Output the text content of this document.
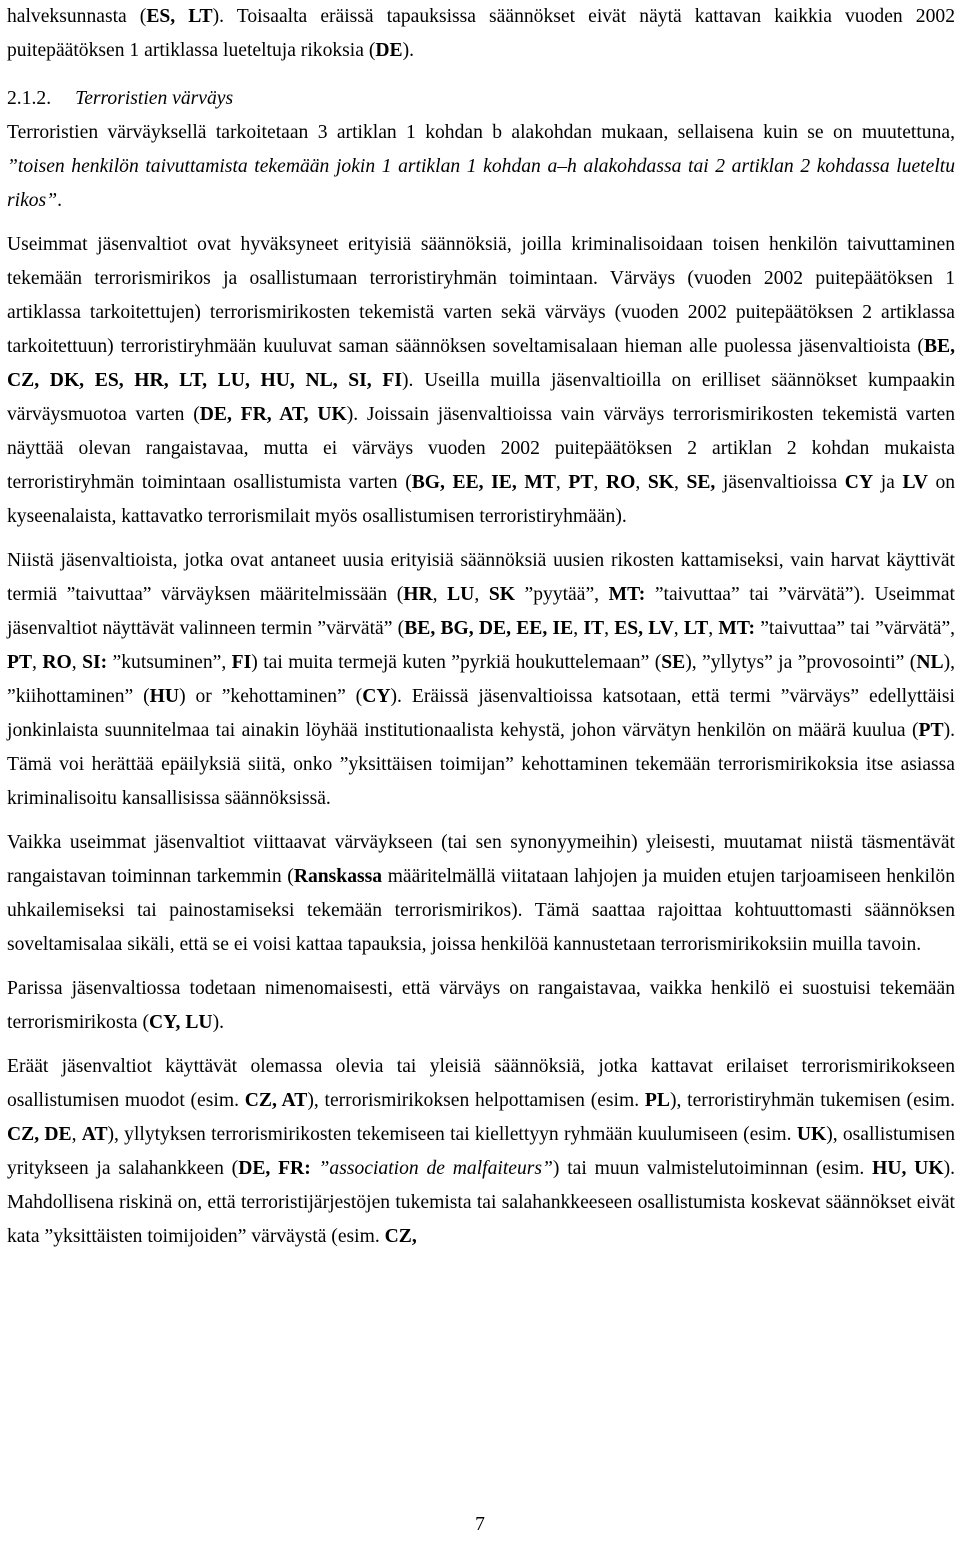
halveksunnasta (ES, LT). Toisaalta eräissä tapauksissa säännökset eivät näytä kattavan kaikkia vuoden 2002 puitepäätöksen 1 artiklassa lueteltuja rikoksia (DE).

2.1.2. Terroristien värväys

Terroristien värväyksellä tarkoitetaan 3 artiklan 1 kohdan b alakohdan mukaan, sellaisena kuin se on muutettuna, ”toisen henkilön taivuttamista tekemään jokin 1 artiklan 1 kohdan a–h alakohdassa tai 2 artiklan 2 kohdassa lueteltu rikos”.

Useimmat jäsenvaltiot ovat hyväksyneet erityisiä säännöksiä, joilla kriminalisoidaan toisen henkilön taivuttaminen tekemään terrorismirikos ja osallistumaan terroristiryhmän toimintaan. Värväys (vuoden 2002 puitepäätöksen 1 artiklassa tarkoitettujen) terrorismirikosten tekemistä varten sekä värväys (vuoden 2002 puitepäätöksen 2 artiklassa tarkoitettuun) terroristiryhmään kuuluvat saman säännöksen soveltamisalaan hieman alle puolessa jäsenvaltioista (BE, CZ, DK, ES, HR, LT, LU, HU, NL, SI, FI). Useilla muilla jäsenvaltioilla on erilliset säännökset kumpaakin värväysmuotoa varten (DE, FR, AT, UK). Joissain jäsenvaltioissa vain värväys terrorismirikosten tekemistä varten näyttää olevan rangaistavaa, mutta ei värväys vuoden 2002 puitepäätöksen 2 artiklan 2 kohdan mukaista terroristiryhmän toimintaan osallistumista varten (BG, EE, IE, MT, PT, RO, SK, SE, jäsenvaltioissa CY ja LV on kyseenalaista, kattavatko terrorismilait myös osallistumisen terroristiryhmään).

Niistä jäsenvaltioista, jotka ovat antaneet uusia erityisiä säännöksiä uusien rikosten kattamiseksi, vain harvat käyttivät termiä ”taivuttaa” värväyksen määritelmissään (HR, LU, SK ”pyytää”, MT: ”taivuttaa” tai ”värvätä”). Useimmat jäsenvaltiot näyttävät valinneen termin ”värvätä” (BE, BG, DE, EE, IE, IT, ES, LV, LT, MT: ”taivuttaa” tai ”värvätä”, PT, RO, SI: ”kutsuminen”, FI) tai muita termejä kuten ”pyrkiä houkuttelemaan” (SE), ”yllytys” ja ”provosointi” (NL), ”kiihottaminen” (HU) or ”kehottaminen” (CY). Eräissä jäsenvaltioissa katsotaan, että termi ”värväys” edellyttäisi jonkinlaista suunnitelmaa tai ainakin löyhää institutionaalista kehystä, johon värvätyn henkilön on määrä kuulua (PT). Tämä voi herättää epäilyksiä siitä, onko ”yksittäisen toimijan” kehottaminen tekemään terrorismirikoksia itse asiassa kriminalisoitu kansallisissa säännöksissä.

Vaikka useimmat jäsenvaltiot viittaavat värväykseen (tai sen synonyymeihin) yleisesti, muutamat niistä täsmentävät rangaistavan toiminnan tarkemmin (Ranskassa määritelmällä viitataan lahjojen ja muiden etujen tarjoamiseen henkilön uhkailemiseksi tai painostamiseksi tekemään terrorismirikos). Tämä saattaa rajoittaa kohtuuttomasti säännöksen soveltamisalaa sikäli, että se ei voisi kattaa tapauksia, joissa henkilöä kannustetaan terrorismirikoksiin muilla tavoin.

Parissa jäsenvaltiossa todetaan nimenomaisesti, että värväys on rangaistavaa, vaikka henkilö ei suostuisi tekemään terrorismirikosta (CY, LU).

Eräät jäsenvaltiot käyttävät olemassa olevia tai yleisiä säännöksiä, jotka kattavat erilaiset terrorismirikokseen osallistumisen muodot (esim. CZ, AT), terrorismirikoksen helpottamisen (esim. PL), terroristiryhmän tukemisen (esim. CZ, DE, AT), yllytyksen terrorismirikosten tekemiseen tai kiellettyyn ryhmään kuulumiseen (esim. UK), osallistumisen yritykseen ja salahankkeen (DE, FR: ”association de malfaiteurs”) tai muun valmistelutoiminnan (esim. HU, UK). Mahdollisena riskinä on, että terroristijärjestöjen tukemista tai salahankkeeseen osallistumista koskevat säännökset eivät kata ”yksittäisten toimijoiden” värväystä (esim. CZ,

7
